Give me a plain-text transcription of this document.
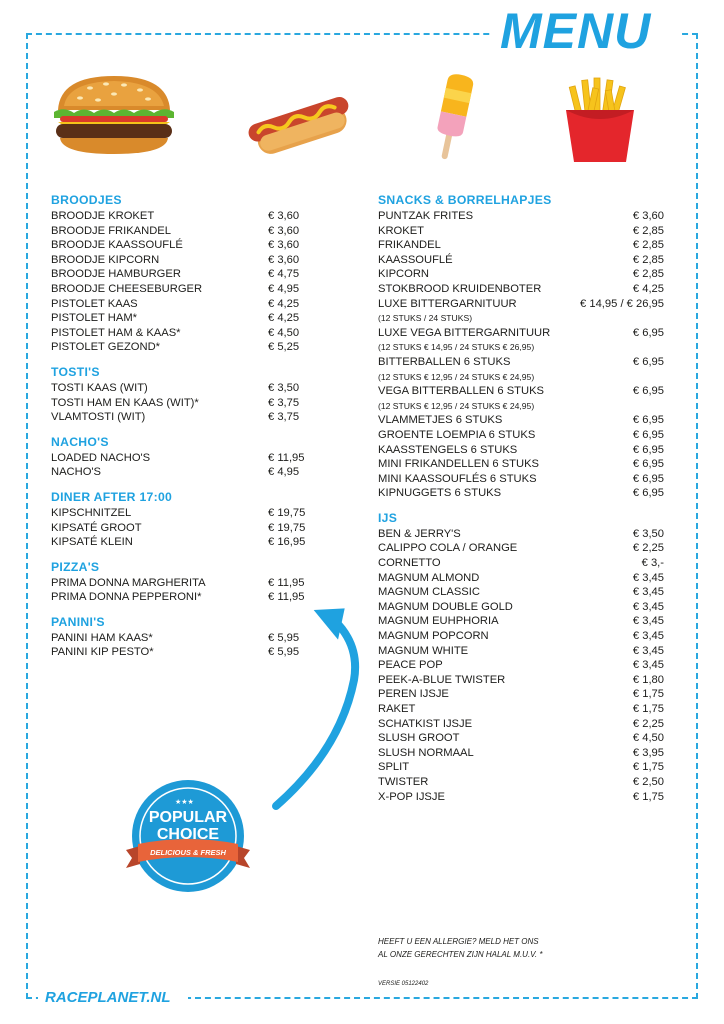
MENU
RACEPLANET.NL
BROODJES
BROODJE KROKET	€ 3,60
BROODJE FRIKANDEL	€ 3,60
BROODJE KAASSOUFLÉ	€ 3,60
BROODJE KIPCORN	€ 3,60
BROODJE HAMBURGER	€ 4,75
BROODJE CHEESEBURGER	€ 4,95
PISTOLET KAAS	€ 4,25
PISTOLET HAM*	€ 4,25
PISTOLET HAM & KAAS*	€ 4,50
PISTOLET GEZOND*	€ 5,25
TOSTI'S
TOSTI KAAS (WIT)	€ 3,50
TOSTI HAM EN KAAS (WIT)*	€ 3,75
VLAMTOSTI (WIT)	€ 3,75
NACHO'S
LOADED NACHO'S	€ 11,95
NACHO'S	€ 4,95
DINER AFTER 17:00
KIPSCHNITZEL	€ 19,75
KIPSATÉ GROOT	€ 19,75
KIPSATÉ KLEIN	€ 16,95
PIZZA'S
PRIMA DONNA MARGHERITA	€ 11,95
PRIMA DONNA PEPPERONI*	€ 11,95
PANINI'S
PANINI HAM KAAS*	€ 5,95
PANINI KIP PESTO*	€ 5,95
SNACKS & BORRELHAPJES
PUNTZAK FRITES	€ 3,60
KROKET	€ 2,85
FRIKANDEL	€ 2,85
KAASSOUFLÉ	€ 2,85
KIPCORN	€ 2,85
STOKBROOD KRUIDENBOTER	€ 4,25
LUXE BITTERGARNITUUR	€ 14,95 / € 26,95
(12 STUKS / 24 STUKS)
LUXE VEGA BITTERGARNITUUR	€ 6,95
(12 STUKS € 14,95 / 24 STUKS € 26,95)
BITTERBALLEN 6 STUKS	€ 6,95
(12 STUKS € 12,95 / 24 STUKS € 24,95)
VEGA BITTERBALLEN 6 STUKS	€ 6,95
(12 STUKS € 12,95 / 24 STUKS € 24,95)
VLAMMETJES 6 STUKS	€ 6,95
GROENTE LOEMPIA 6 STUKS	€ 6,95
KAASSTENGELS 6 STUKS	€ 6,95
MINI FRIKANDELLEN 6 STUKS	€ 6,95
MINI KAASSOUFLÉS 6 STUKS	€ 6,95
KIPNUGGETS 6 STUKS	€ 6,95
IJS
BEN & JERRY'S	€ 3,50
CALIPPO COLA / ORANGE	€ 2,25
CORNETTO	€ 3,-
MAGNUM ALMOND	€ 3,45
MAGNUM CLASSIC	€ 3,45
MAGNUM DOUBLE GOLD	€ 3,45
MAGNUM EUHPHORIA	€ 3,45
MAGNUM POPCORN	€ 3,45
MAGNUM WHITE	€ 3,45
PEACE POP	€ 3,45
PEEK-A-BLUE TWISTER	€ 1,80
PEREN IJSJE	€ 1,75
RAKET	€ 1,75
SCHATKIST IJSJE	€ 2,25
SLUSH GROOT	€ 4,50
SLUSH NORMAAL	€ 3,95
SPLIT	€ 1,75
TWISTER	€ 2,50
X-POP IJSJE	€ 1,75
★★★
POPULAR
CHOICE
DELICIOUS & FRESH
HEEFT U EEN ALLERGIE? MELD HET ONS
AL ONZE GERECHTEN ZIJN HALAL M.U.V. *
VERSIE 05122402
